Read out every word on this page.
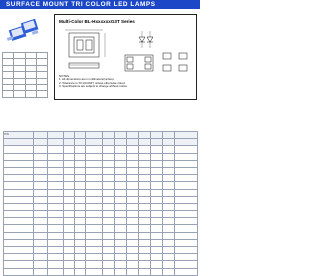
SURFACE MOUNT TRI COLOR LED LAMPS

Multi-Color BL-HxxxxxxG3T Series
NOTES:
1. All dimensions are in millimeters(inches).
2. Tolerance is ±0.1(0.004") unless otherwise noted.
3. Specifications are subject to change without notice.
P/N												
